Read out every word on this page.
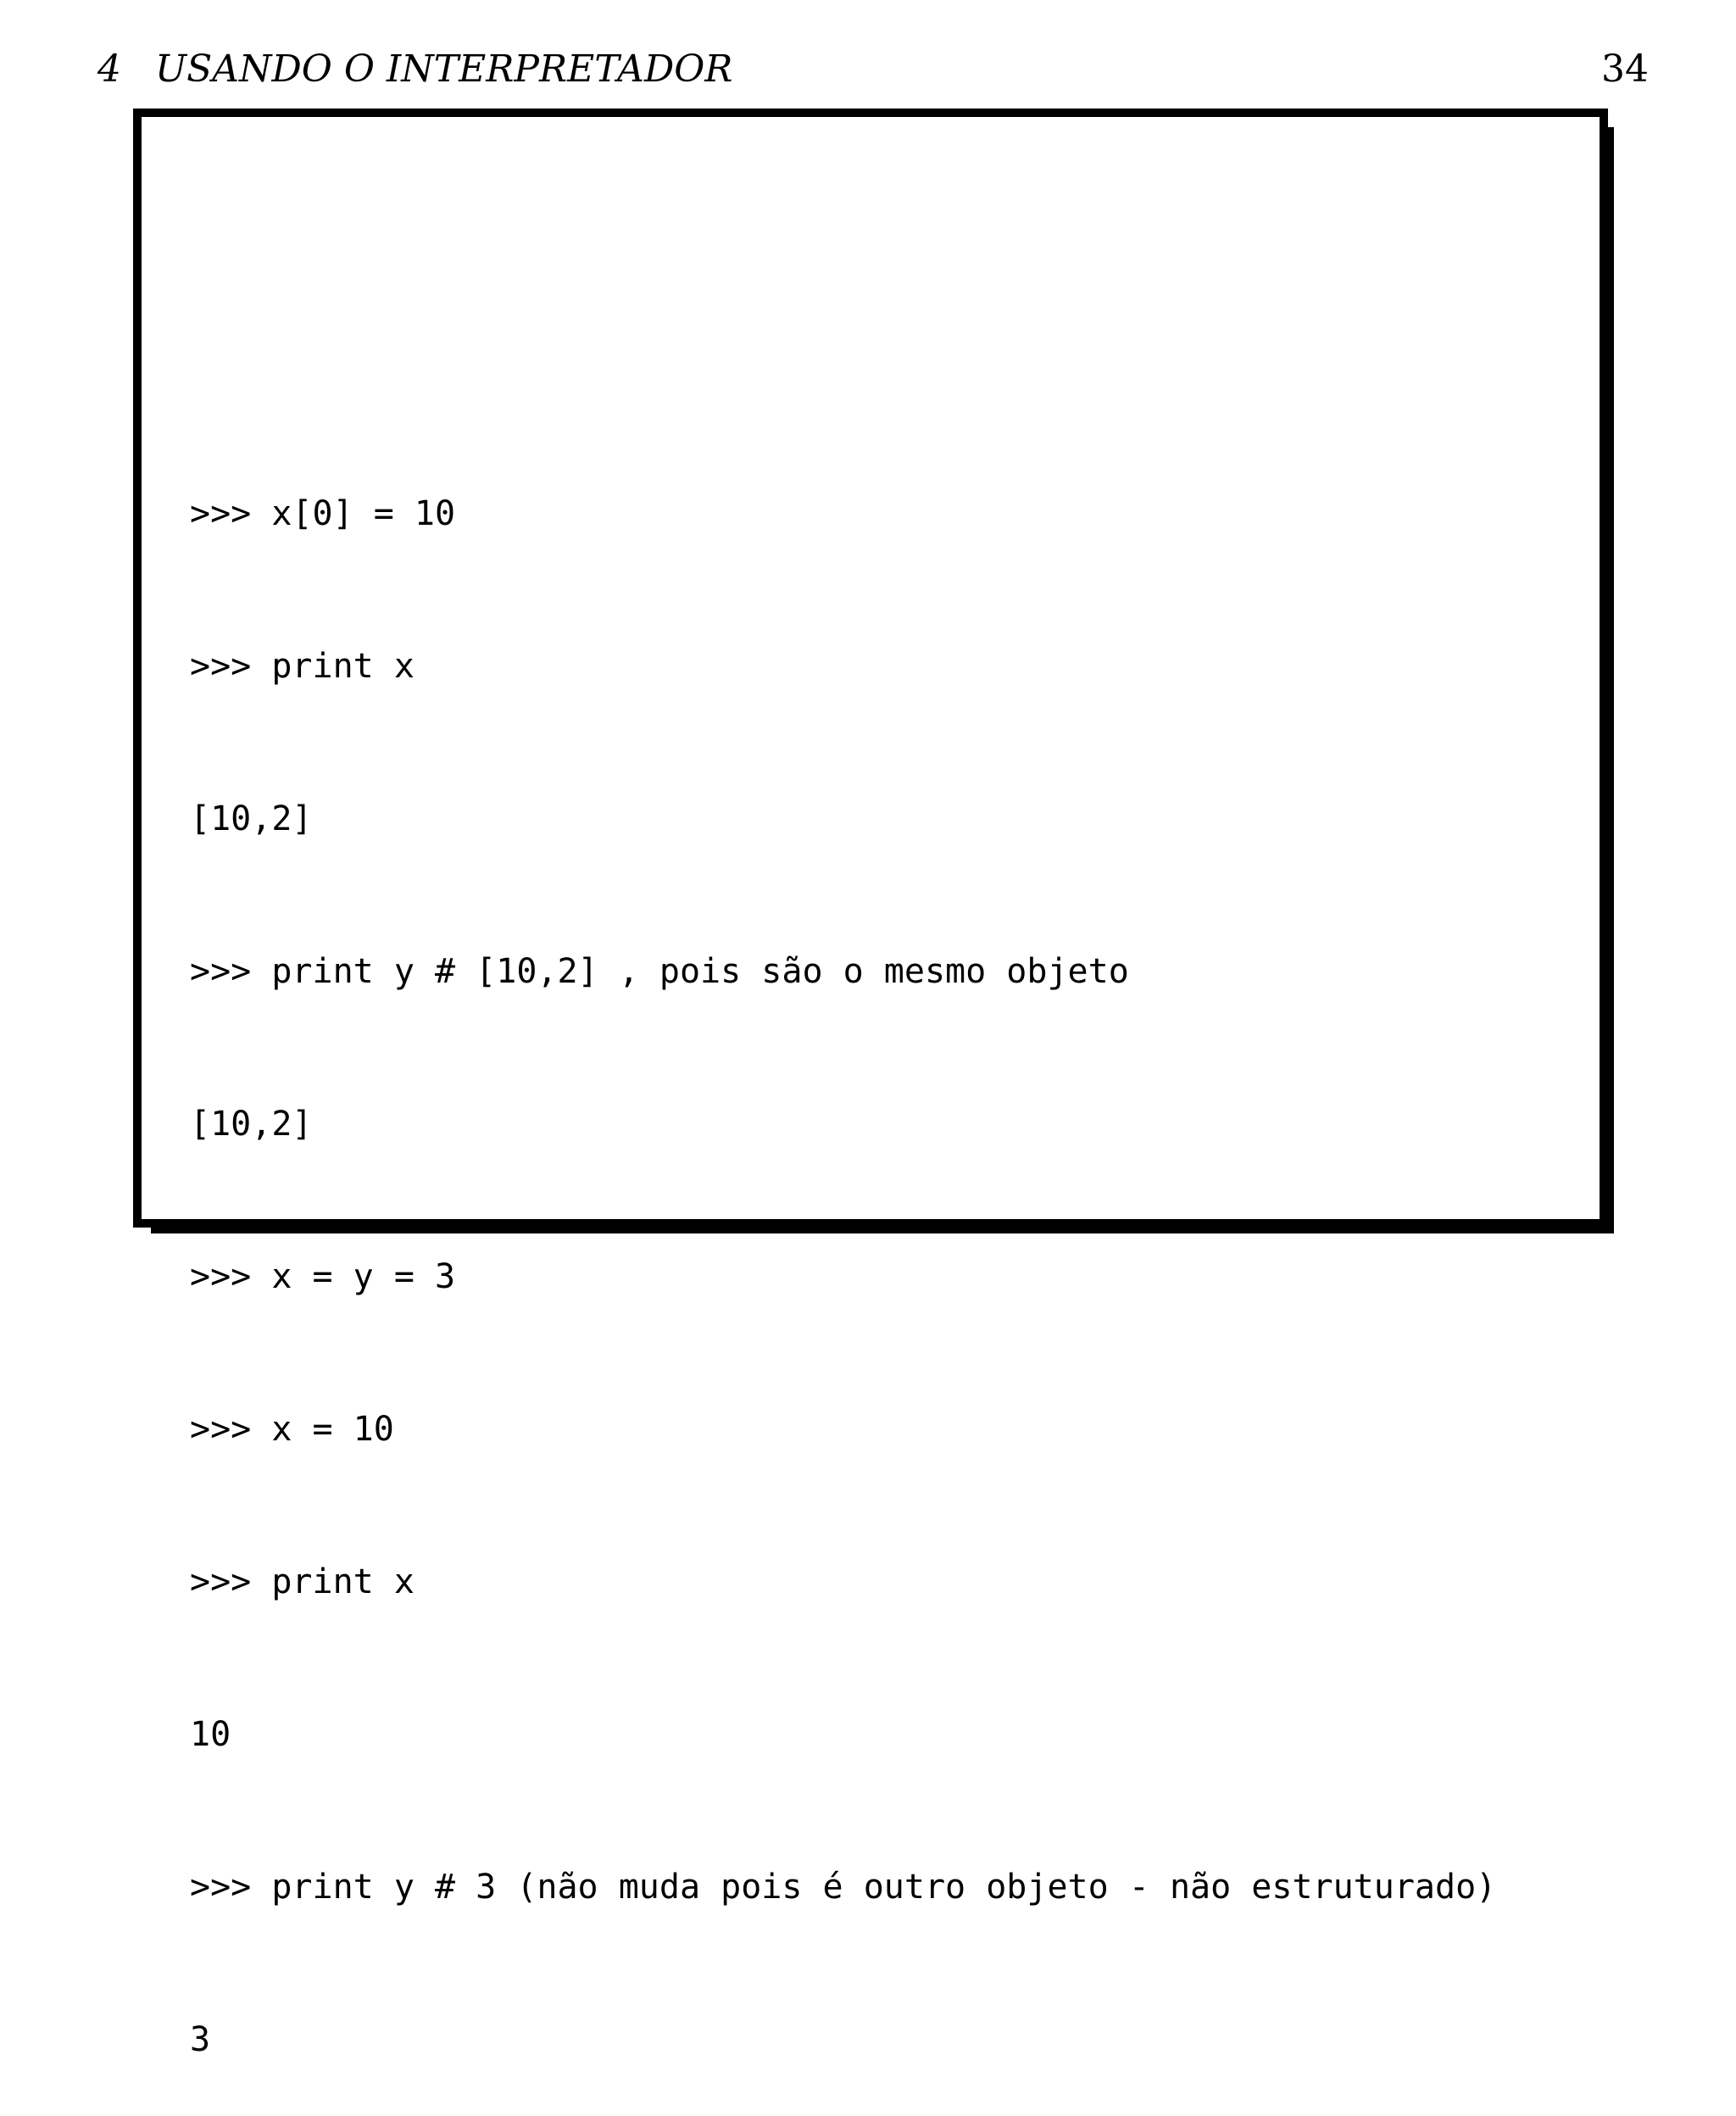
4 USANDO O INTERPRETADOR	34

>>> x[0] = 10

>>> print x

[10,2]

>>> print y # [10,2] , pois são o mesmo objeto

[10,2]

>>> x = y = 3

>>> x = 10

>>> print x

10

>>> print y # 3 (não muda pois é outro objeto - não estruturado)

3
